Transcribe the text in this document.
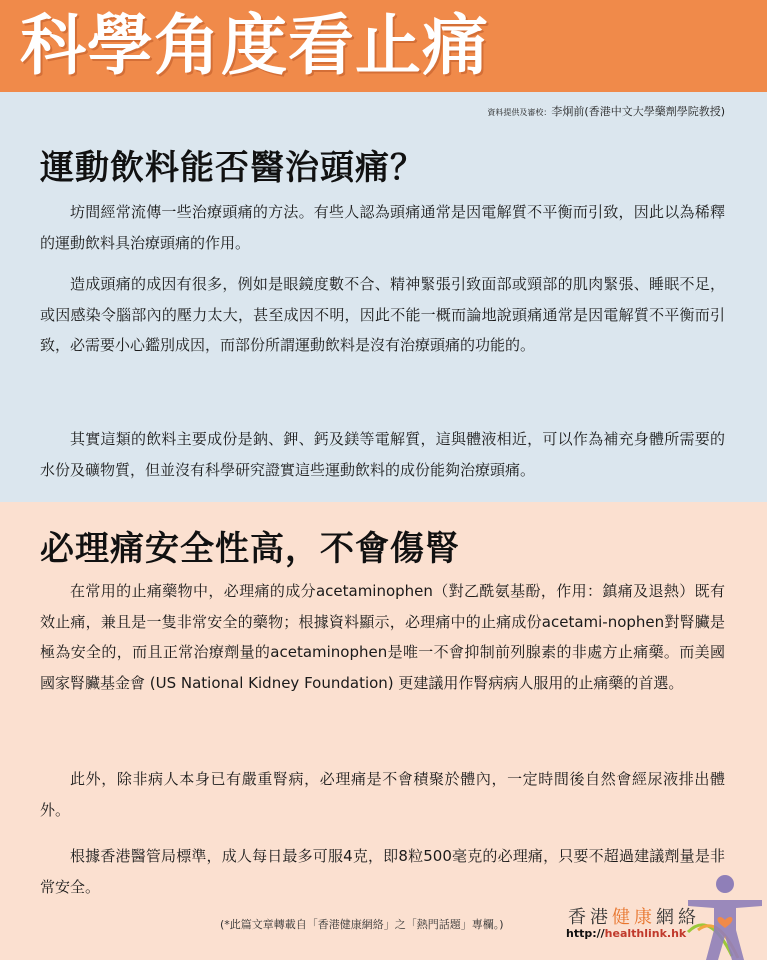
科學角度看止痛
資料提供及審校：李炯前(香港中文大學藥劑學院教授)
運動飲料能否醫治頭痛？
坊間經常流傳一些治療頭痛的方法。有些人認為頭痛通常是因電解質不平衡而引致，因此以為稀釋的運動飲料具治療頭痛的作用。
造成頭痛的成因有很多，例如是眼鏡度數不合、精神緊張引致面部或頸部的肌肉緊張、睡眠不足，或因感染令腦部內的壓力太大，甚至成因不明，因此不能一概而論地說頭痛通常是因電解質不平衡而引致，必需要小心鑑別成因，而部份所謂運動飲料是沒有治療頭痛的功能的。
其實這類的飲料主要成份是鈉、鉀、鈣及鎂等電解質，這與體液相近，可以作為補充身體所需要的水份及礦物質，但並沒有科學研究證實這些運動飲料的成份能夠治療頭痛。
必理痛安全性高，不會傷腎
在常用的止痛藥物中，必理痛的成分acetaminophen（對乙酰氨基酚，作用：鎮痛及退熱）既有效止痛，兼且是一隻非常安全的藥物；根據資料顯示，必理痛中的止痛成份acetami-nophen對腎臟是極為安全的，而且正常治療劑量的acetaminophen是唯一不會抑制前列腺素的非處方止痛藥。而美國國家腎臟基金會 (US National Kidney Foundation) 更建議用作腎病病人服用的止痛藥的首選。
此外，除非病人本身已有嚴重腎病，必理痛是不會積聚於體內，一定時間後自然會經尿液排出體外。
根據香港醫管局標準，成人每日最多可服4克，即8粒500毫克的必理痛，只要不超過建議劑量是非常安全。
(*此篇文章轉載自「香港健康網絡」之「熱門話題」專欄。)	香港健康網絡
http://healthlink.hk
